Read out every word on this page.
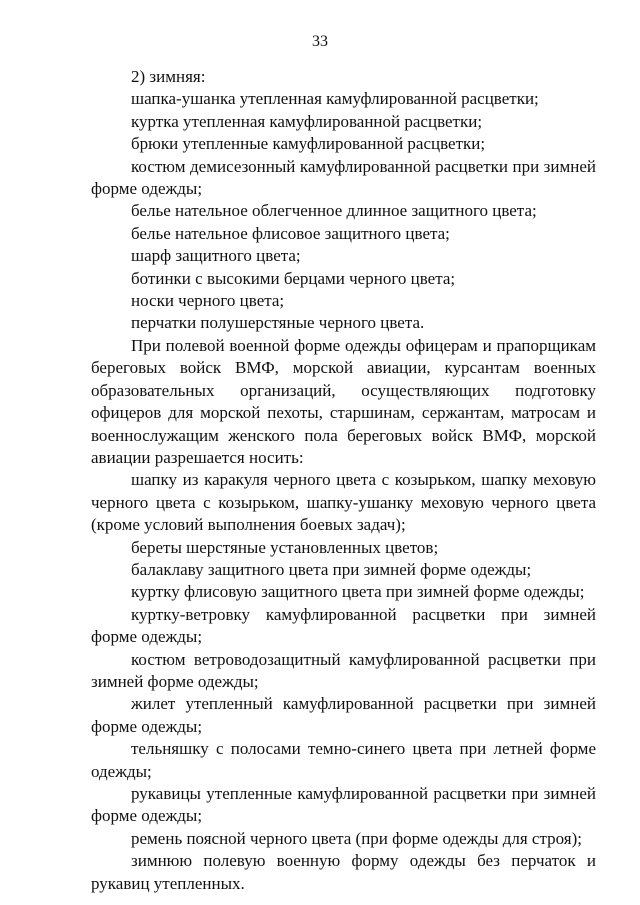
33

2) зимняя:

шапка-ушанка утепленная камуфлированной расцветки;

куртка утепленная камуфлированной расцветки;

брюки утепленные камуфлированной расцветки;

костюм демисезонный камуфлированной расцветки при зимней форме одежды;

белье нательное облегченное длинное защитного цвета;

белье нательное флисовое защитного цвета;

шарф защитного цвета;

ботинки с высокими берцами черного цвета;

носки черного цвета;

перчатки полушерстяные черного цвета.

При полевой военной форме одежды офицерам и прапорщикам береговых войск ВМФ, морской авиации, курсантам военных образовательных организаций, осуществляющих подготовку офицеров для морской пехоты, старшинам, сержантам, матросам и военнослужащим женского пола береговых войск ВМФ, морской авиации разрешается носить:

шапку из каракуля черного цвета с козырьком, шапку меховую черного цвета с козырьком, шапку-ушанку меховую черного цвета (кроме условий выполнения боевых задач);

береты шерстяные установленных цветов;

балаклаву защитного цвета при зимней форме одежды;

куртку флисовую защитного цвета при зимней форме одежды;

куртку-ветровку камуфлированной расцветки при зимней форме одежды;

костюм ветроводозащитный камуфлированной расцветки при зимней форме одежды;

жилет утепленный камуфлированной расцветки при зимней форме одежды;

тельняшку с полосами темно-синего цвета при летней форме одежды;

рукавицы утепленные камуфлированной расцветки при зимней форме одежды;

ремень поясной черного цвета (при форме одежды для строя);

зимнюю полевую военную форму одежды без перчаток и рукавиц утепленных.
